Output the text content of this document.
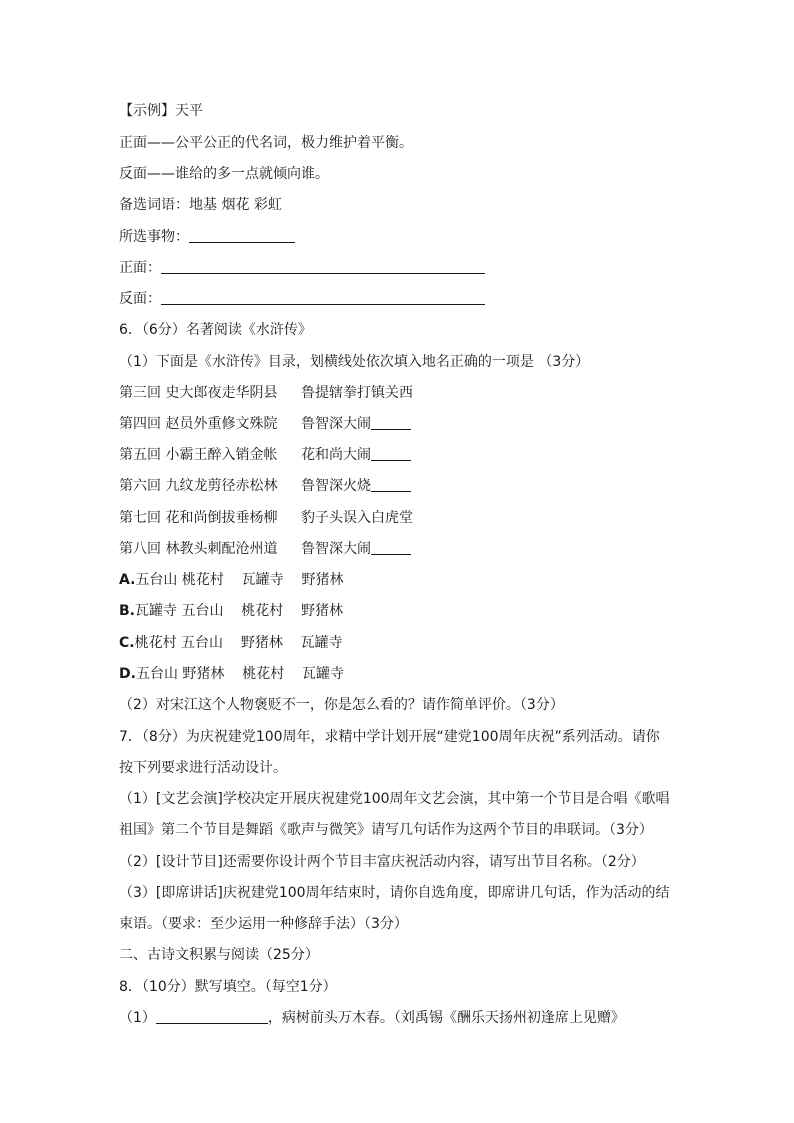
【示例】天平
正面——公平公正的代名词，极力维护着平衡。
反面——谁给的多一点就倾向谁。
备选词语：地基 烟花 彩虹
所选事物：
正面：
反面：
6．（6分）名著阅读《水浒传》
（1）下面是《水浒传》目录，划横线处依次填入地名正确的一项是 （3分）
第三回 史大郎夜走华阴县 鲁提辖拳打镇关西
第四回 赵员外重修文殊院 鲁智深大闹
第五回 小霸王醉入销金帐 花和尚大闹
第六回 九纹龙剪径赤松林 鲁智深火烧
第七回 花和尚倒拔垂杨柳 豹子头误入白虎堂
第八回 林教头刺配沧州道 鲁智深大闹
A.五台山 桃花村    瓦罐寺    野猪林
B.瓦罐寺 五台山    桃花村    野猪林
C.桃花村 五台山    野猪林    瓦罐寺
D.五台山 野猪林    桃花村    瓦罐寺
（2）对宋江这个人物褒贬不一，你是怎么看的？请作简单评价。（3分）
7．（8分）为庆祝建党100周年，求精中学计划开展“建党100周年庆祝”系列活动。请你
按下列要求进行活动设计。
（1）[文艺会演]学校决定开展庆祝建党100周年文艺会演，其中第一个节目是合唱《歌唱
祖国》第二个节目是舞蹈《歌声与微笑》请写几句话作为这两个节目的串联词。（3分）
（2）[设计节目]还需要你设计两个节目丰富庆祝活动内容，请写出节目名称。（2分）
（3）[即席讲话]庆祝建党100周年结束时，请你自选角度，即席讲几句话，作为活动的结
束语。（要求：至少运用一种修辞手法）（3分）
二、古诗文积累与阅读（25分）
8．（10分）默写填空。（每空1分）
（1）	，病树前头万木春。（刘禹锡《酬乐天扬州初逢席上见赠》
